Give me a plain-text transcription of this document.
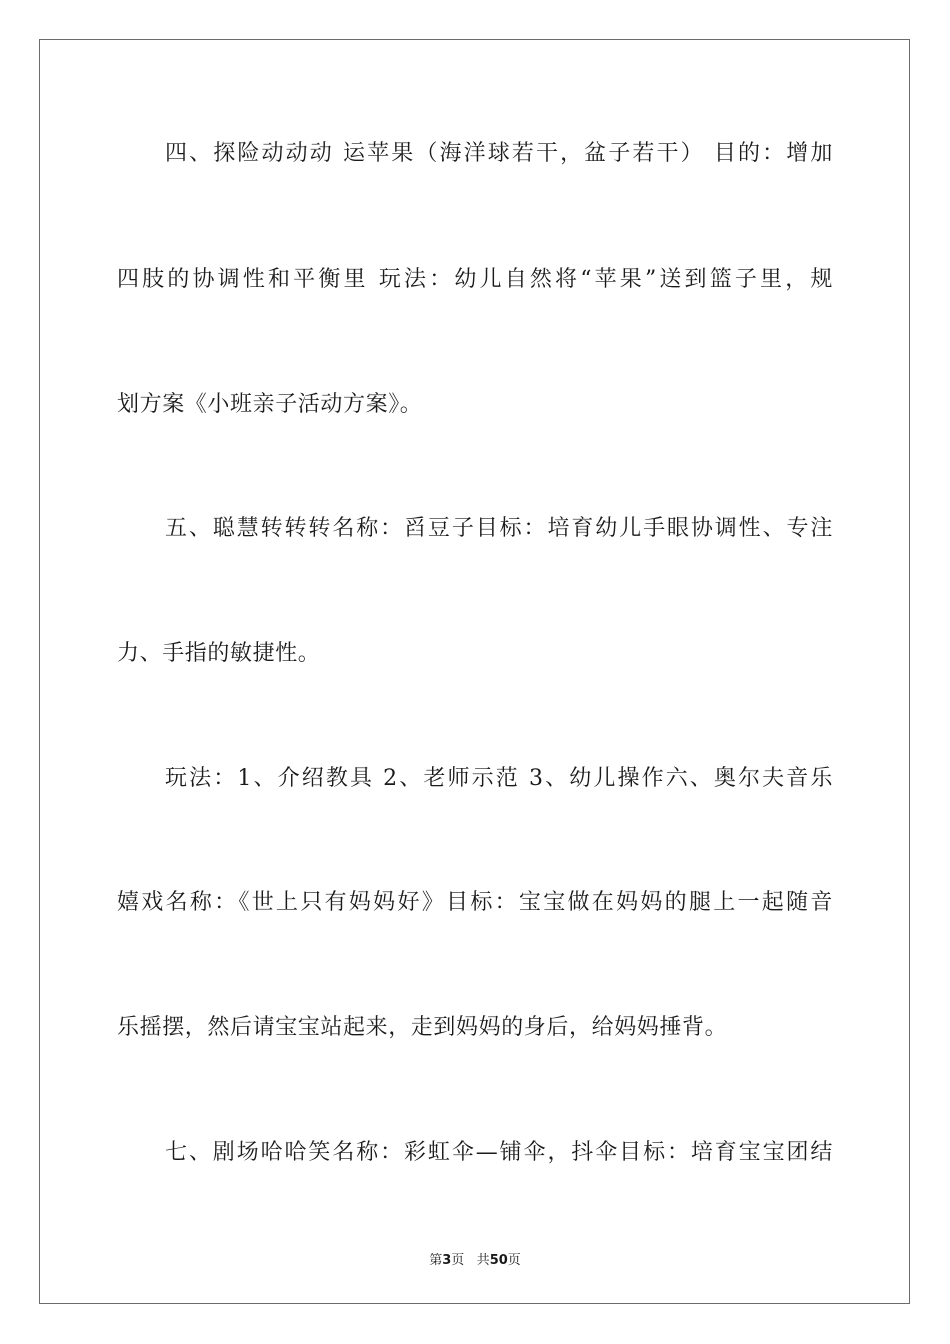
四、探险动动动 运苹果（海洋球若干，盆子若干） 目的：增加

四肢的协调性和平衡里 玩法：幼儿自然将“苹果”送到篮子里，规

划方案《小班亲子活动方案》。

五、聪慧转转转名称：舀豆子目标：培育幼儿手眼协调性、专注

力、手指的敏捷性。

玩法：1、介绍教具 2、老师示范 3、幼儿操作六、奥尔夫音乐

嬉戏名称：《世上只有妈妈好》目标：宝宝做在妈妈的腿上一起随音

乐摇摆，然后请宝宝站起来，走到妈妈的身后，给妈妈捶背。

七、剧场哈哈笑名称：彩虹伞—铺伞，抖伞目标：培育宝宝团结

第3页 共50页
